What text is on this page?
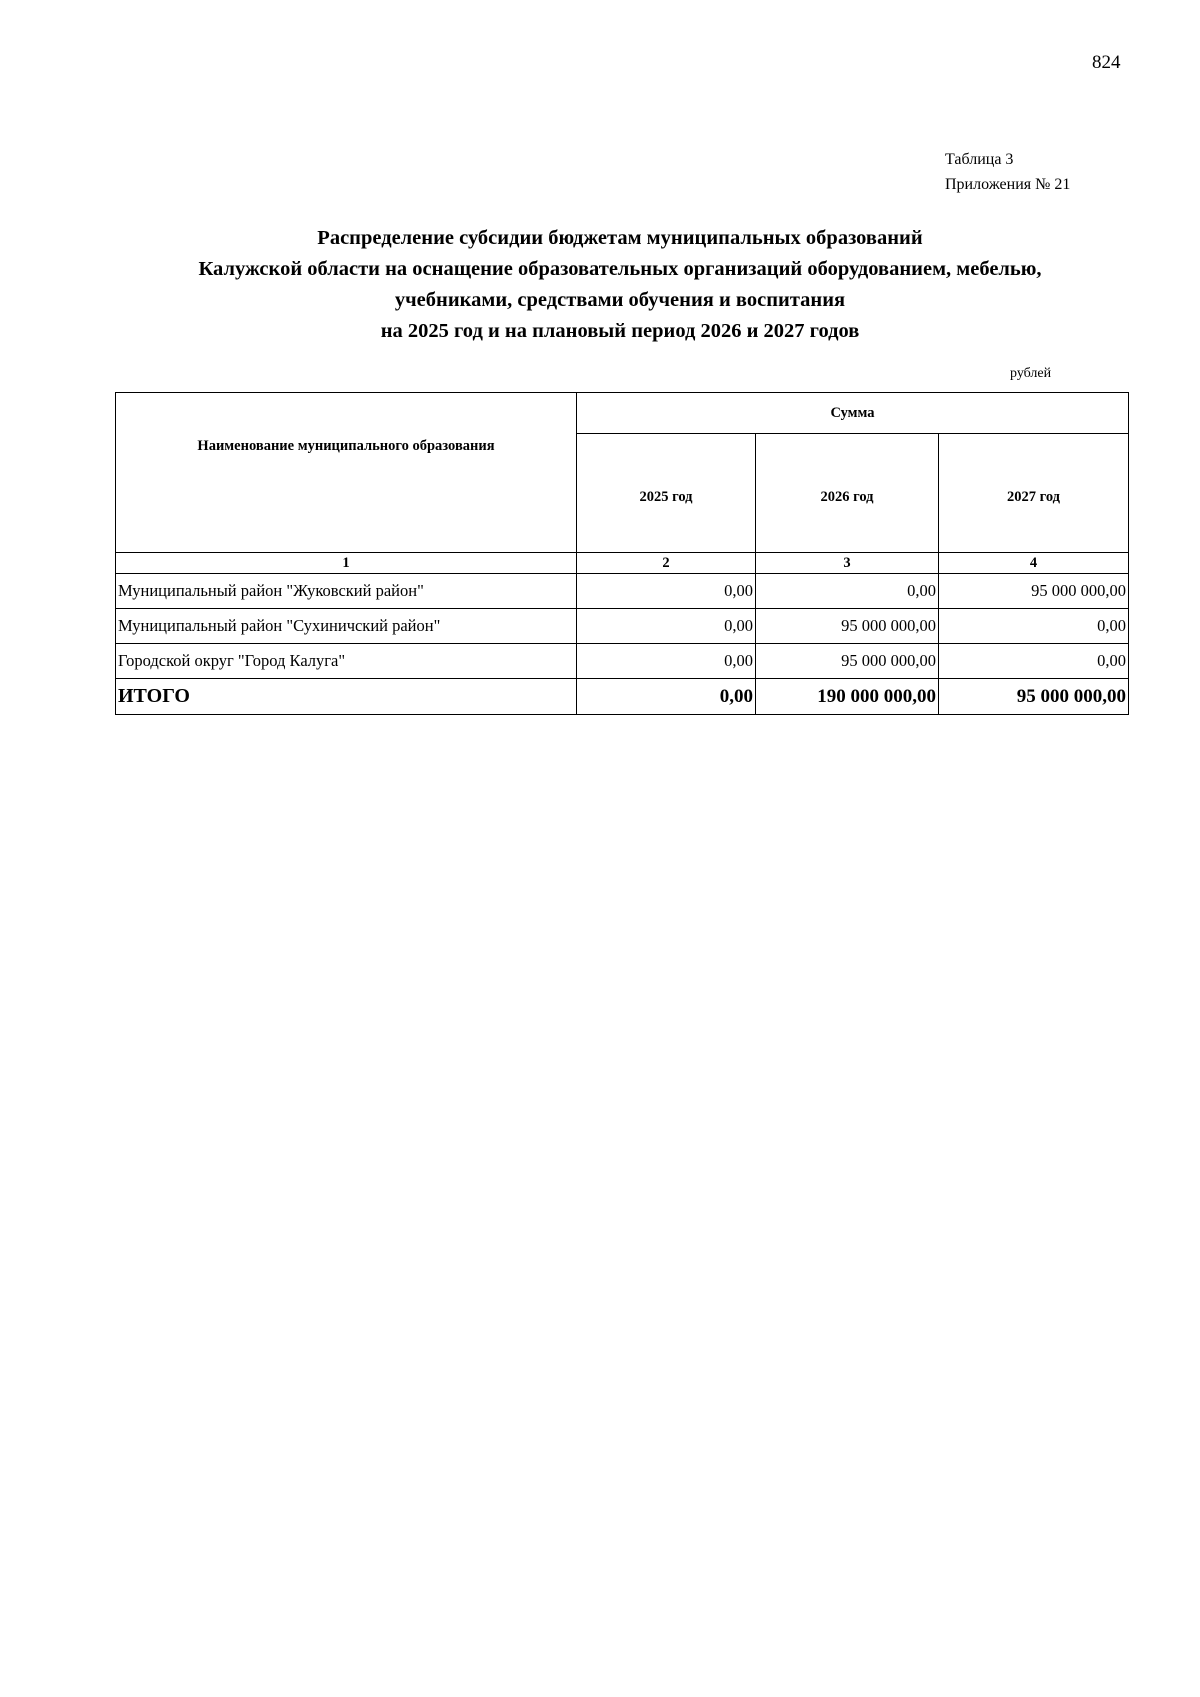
824
Таблица 3
Приложения № 21
Распределение субсидии бюджетам муниципальных образований
Калужской области на оснащение образовательных организаций оборудованием, мебелью,
учебниками, средствами обучения и воспитания
на 2025 год и на плановый период 2026 и 2027 годов
рублей
Наименование муниципального образования	Сумма		
	2025 год	2026 год	2027 год
1	2	3	4
Муниципальный район "Жуковский район"	0,00	0,00	95 000 000,00
Муниципальный район "Сухиничский район"	0,00	95 000 000,00	0,00
Городской округ "Город Калуга"	0,00	95 000 000,00	0,00
ИТОГО	0,00	190 000 000,00	95 000 000,00
